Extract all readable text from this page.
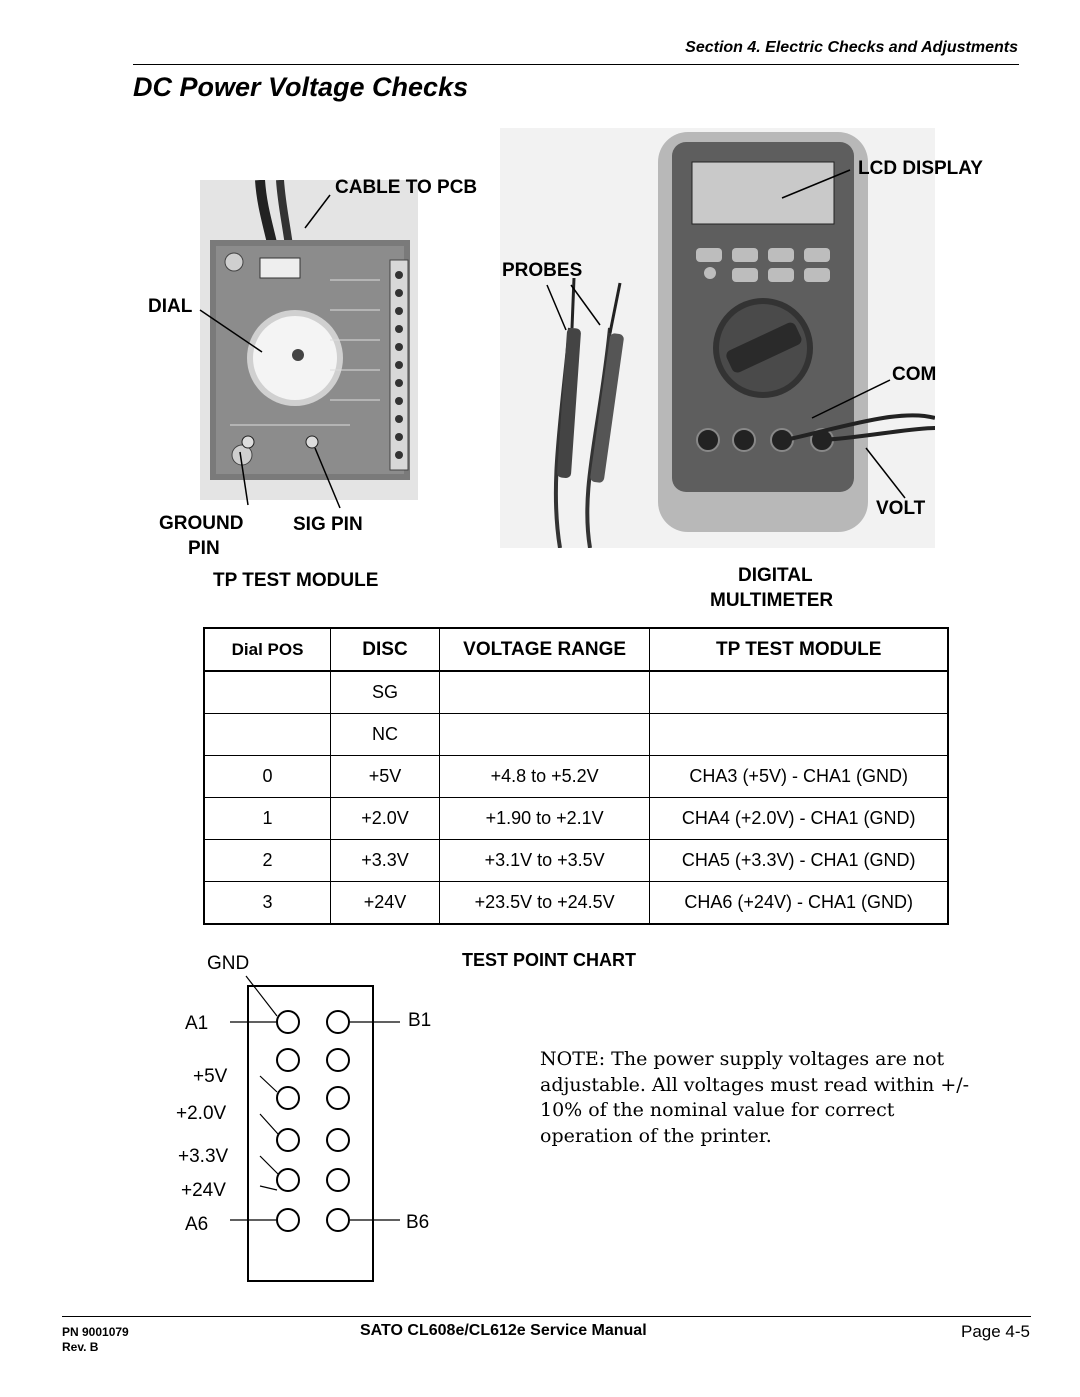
Section 4. Electric Checks and Adjustments
DC Power Voltage Checks
CABLE TO PCB
DIAL
GROUND
PIN
SIG PIN
TP TEST MODULE
PROBES
LCD DISPLAY
COM
VOLT
DIGITAL
MULTIMETER
Dial POS	DISC	VOLTAGE RANGE	TP TEST MODULE
	SG		
	NC		
0	+5V	+4.8 to +5.2V	CHA3 (+5V) - CHA1 (GND)
1	+2.0V	+1.90 to +2.1V	CHA4 (+2.0V) - CHA1 (GND)
2	+3.3V	+3.1V to +3.5V	CHA5 (+3.3V) - CHA1 (GND)
3	+24V	+23.5V to +24.5V	CHA6 (+24V) - CHA1 (GND)
TEST POINT CHART
GND
A1	B1
+5V
+2.0V
+3.3V
+24V
A6	B6
NOTE: The power supply voltages are not adjustable. All voltages must read within +/- 10% of the nominal value for correct operation of the printer.
PN 9001079
Rev. B
SATO CL608e/CL612e Service Manual	Page 4-5
